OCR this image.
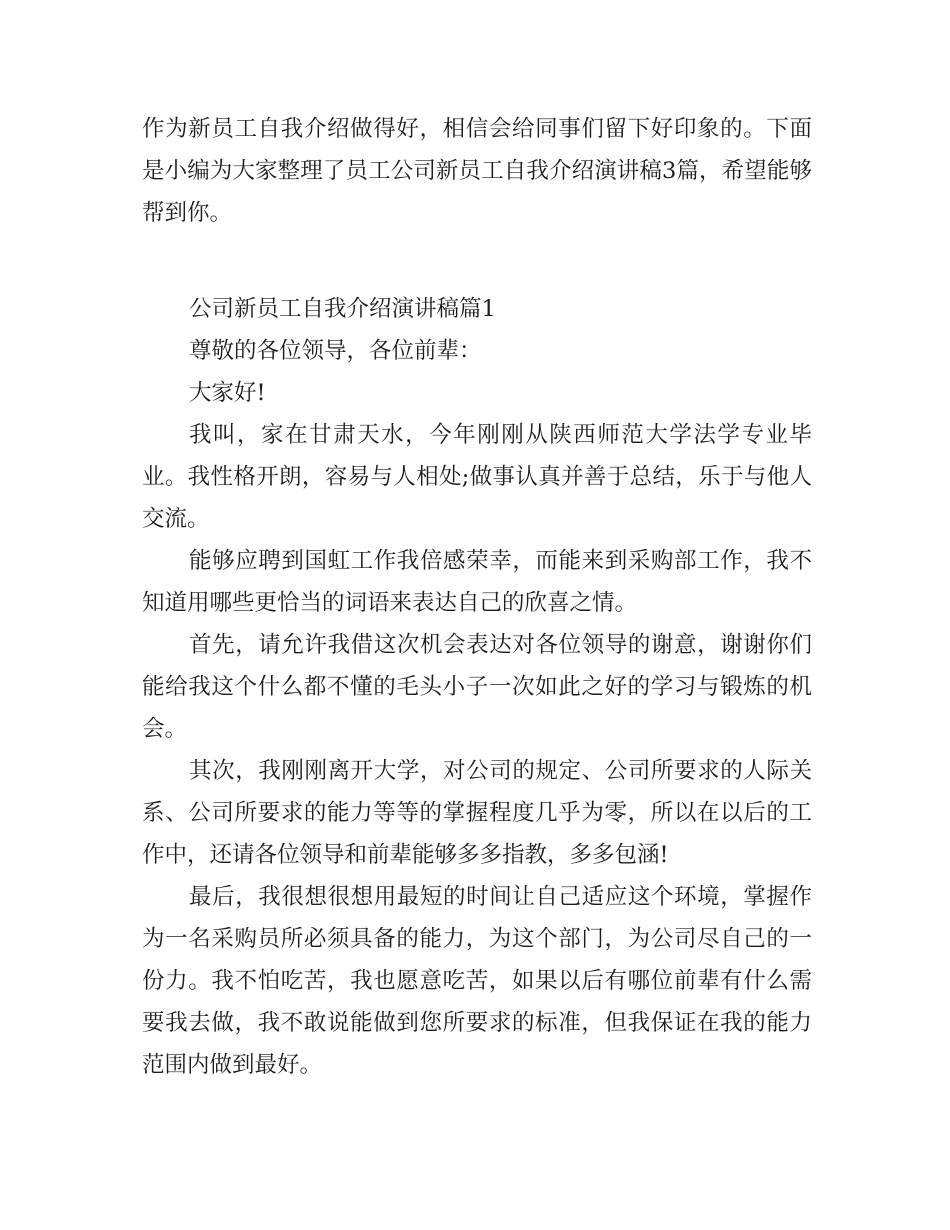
作为新员工自我介绍做得好，相信会给同事们留下好印象的。下面是小编为大家整理了员工公司新员工自我介绍演讲稿3篇，希望能够帮到你。

公司新员工自我介绍演讲稿篇1

尊敬的各位领导，各位前辈：

大家好!

我叫，家在甘肃天水，今年刚刚从陕西师范大学法学专业毕业。我性格开朗，容易与人相处;做事认真并善于总结，乐于与他人交流。

能够应聘到国虹工作我倍感荣幸，而能来到采购部工作，我不知道用哪些更恰当的词语来表达自己的欣喜之情。

首先，请允许我借这次机会表达对各位领导的谢意，谢谢你们能给我这个什么都不懂的毛头小子一次如此之好的学习与锻炼的机会。

其次，我刚刚离开大学，对公司的规定、公司所要求的人际关系、公司所要求的能力等等的掌握程度几乎为零，所以在以后的工作中，还请各位领导和前辈能够多多指教，多多包涵!

最后，我很想很想用最短的时间让自己适应这个环境，掌握作为一名采购员所必须具备的能力，为这个部门，为公司尽自己的一份力。我不怕吃苦，我也愿意吃苦，如果以后有哪位前辈有什么需要我去做，我不敢说能做到您所要求的标准，但我保证在我的能力范围内做到最好。
